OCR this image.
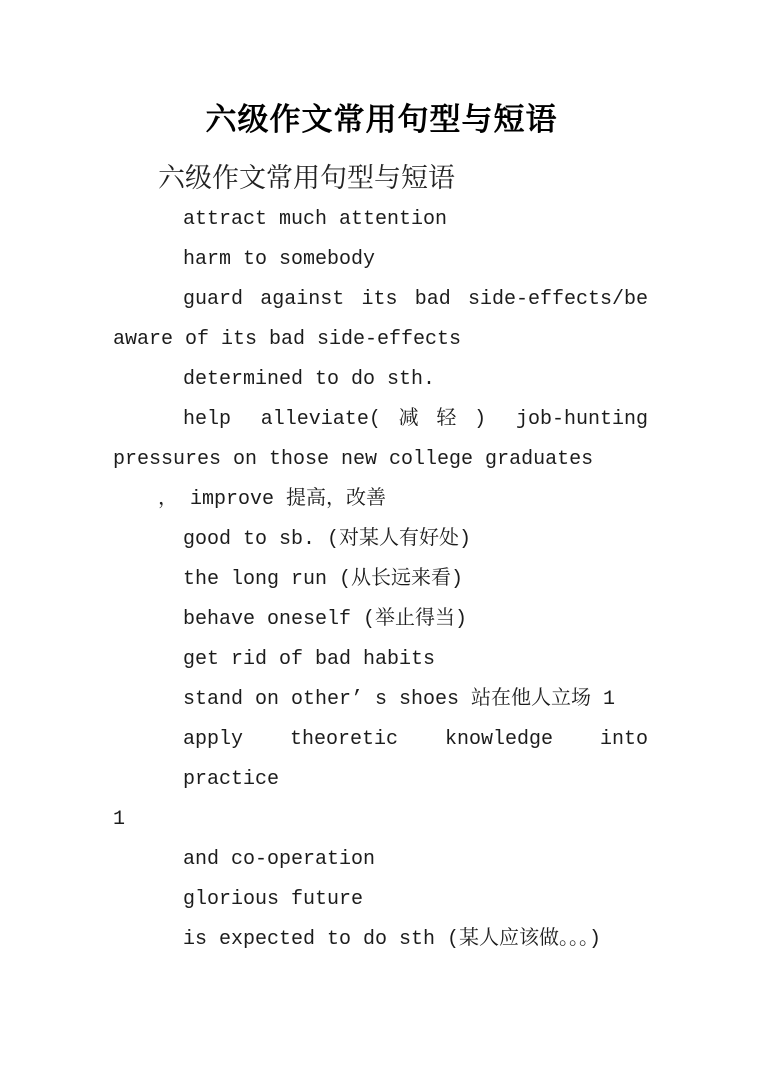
六级作文常用句型与短语
六级作文常用句型与短语
attract much attention
harm to somebody
guard against its bad side-effects/be
aware of its bad side-effects
determined to do sth.
help alleviate(减轻) job-hunting
pressures on those new college graduates
， improve 提高，改善
good to sb. (对某人有好处)
the long run (从长远来看)
behave oneself (举止得当)
get rid of bad habits
stand on other’ s shoes 站在他人立场 1
apply theoretic knowledge into practice
1
and co-operation
glorious future
is expected to do sth (某人应该做。。。)
